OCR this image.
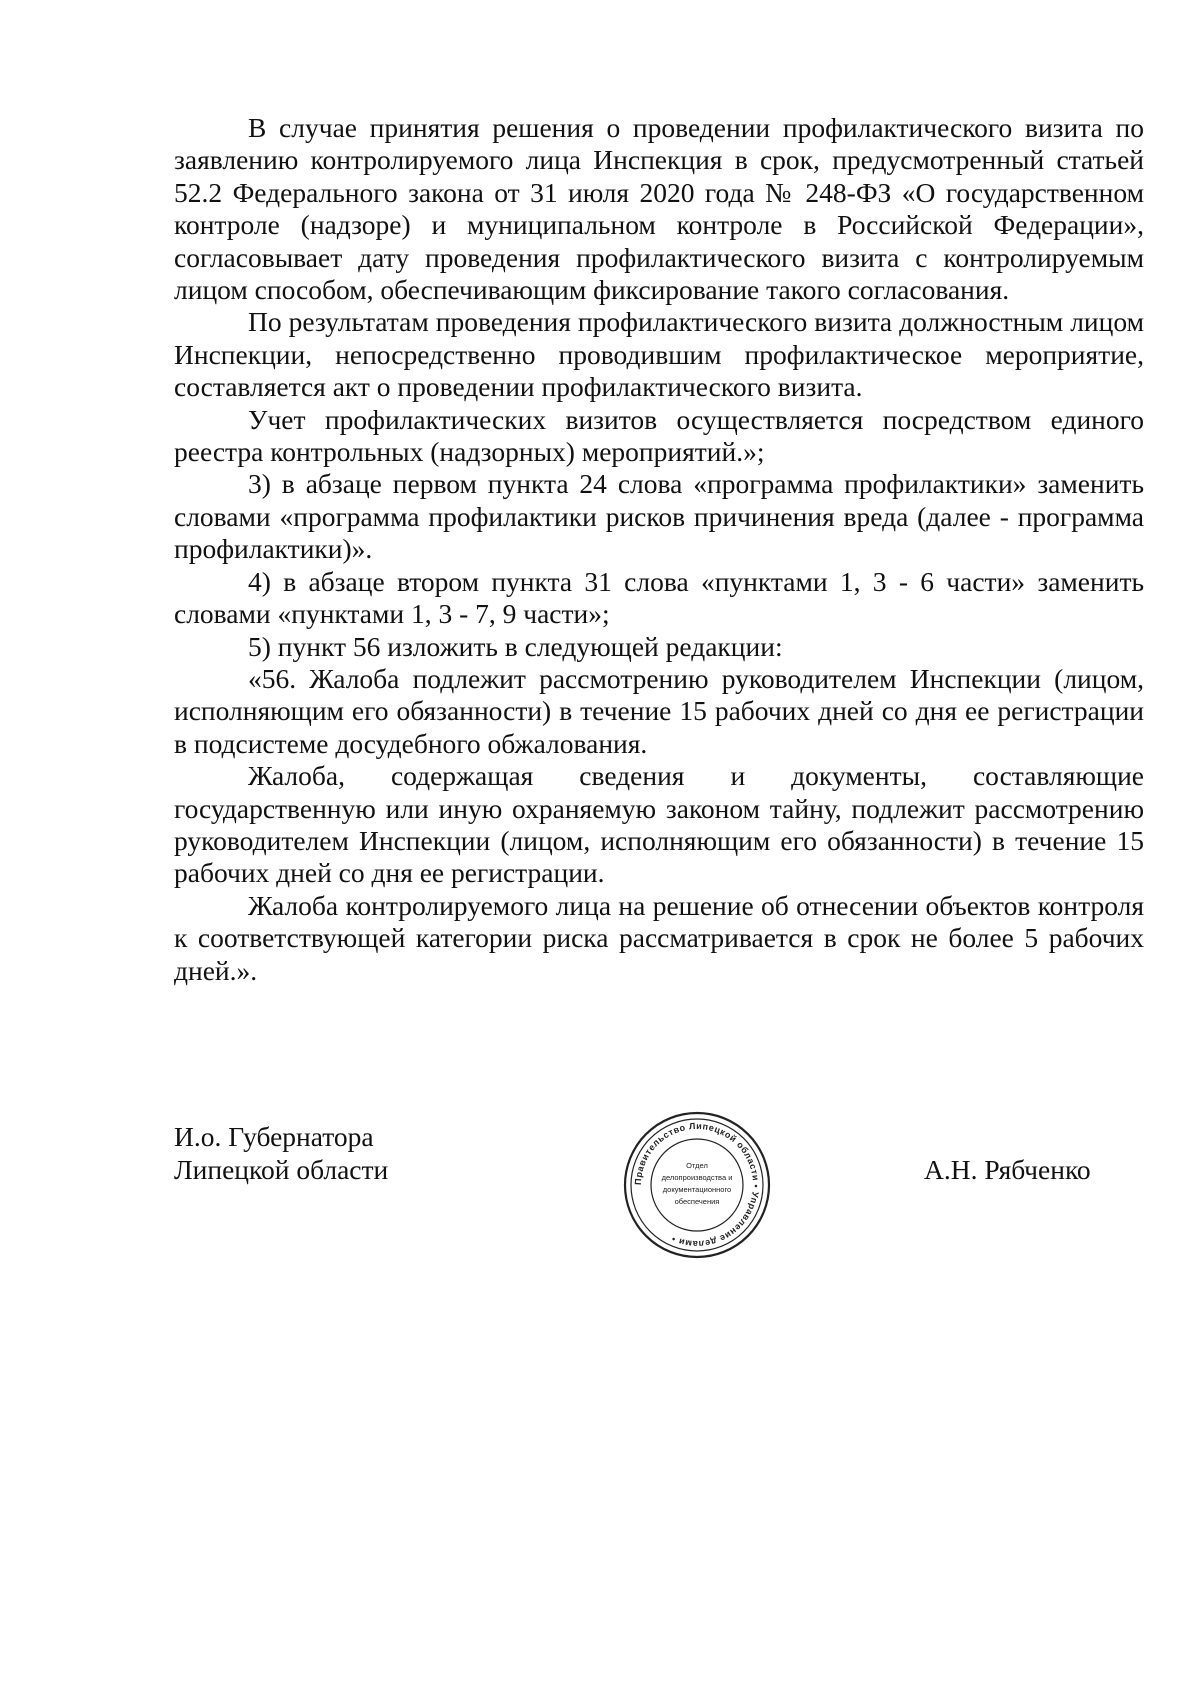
В случае принятия решения о проведении профилактического визита по заявлению контролируемого лица Инспекция в срок, предусмотренный статьей 52.2 Федерального закона от 31 июля 2020 года № 248-ФЗ «О государственном контроле (надзоре) и муниципальном контроле в Российской Федерации», согласовывает дату проведения профилактического визита с контролируемым лицом способом, обеспечивающим фиксирование такого согласования.

По результатам проведения профилактического визита должностным лицом Инспекции, непосредственно проводившим профилактическое мероприятие, составляется акт о проведении профилактического визита.

Учет профилактических визитов осуществляется посредством единого реестра контрольных (надзорных) мероприятий.»;

3) в абзаце первом пункта 24 слова «программа профилактики» заменить словами «программа профилактики рисков причинения вреда (далее - программа профилактики)».

4) в абзаце втором пункта 31 слова «пунктами 1, 3 - 6 части» заменить словами «пунктами 1, 3 - 7, 9 части»;

5) пункт 56 изложить в следующей редакции:

«56. Жалоба подлежит рассмотрению руководителем Инспекции (лицом, исполняющим его обязанности) в течение 15 рабочих дней со дня ее регистрации в подсистеме досудебного обжалования.

Жалоба, содержащая сведения и документы, составляющие государственную или иную охраняемую законом тайну, подлежит рассмотрению руководителем Инспекции (лицом, исполняющим его обязанности) в течение 15 рабочих дней со дня ее регистрации.

Жалоба контролируемого лица на решение об отнесении объектов контроля к соответствующей категории риска рассматривается в срок не более 5 рабочих дней.».

И.о. Губернатора
Липецкой области	Правительство Липецкой области • Управление делами •
Отдел
делопроизводства и
документационного
обеспечения
А.Н. Рябченко
